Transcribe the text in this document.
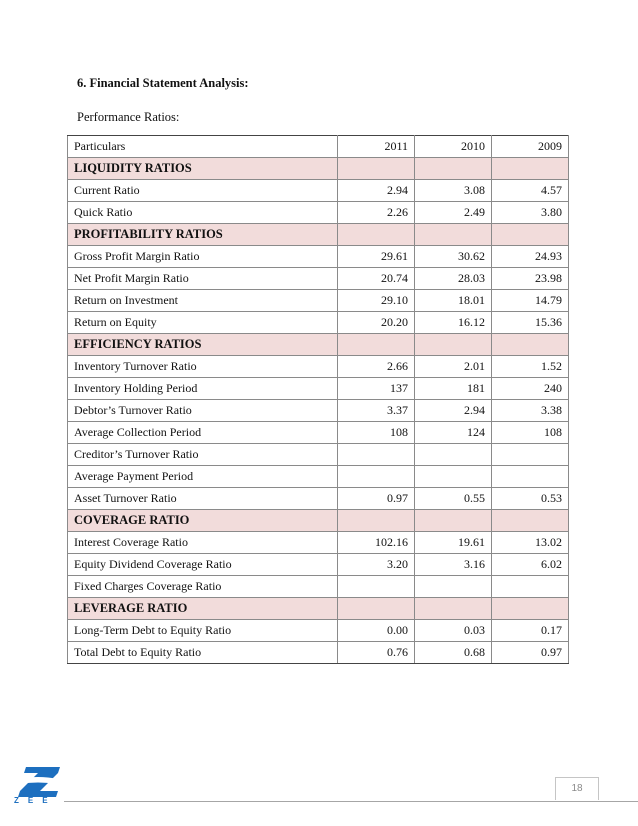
6. Financial Statement Analysis:
Performance Ratios:
Particulars	2011	2010	2009
LIQUIDITY RATIOS			
Current Ratio	2.94	3.08	4.57
Quick Ratio	2.26	2.49	3.80
PROFITABILITY RATIOS			
Gross Profit Margin Ratio	29.61	30.62	24.93
Net Profit Margin Ratio	20.74	28.03	23.98
Return on Investment	29.10	18.01	14.79
Return on Equity	20.20	16.12	15.36
EFFICIENCY RATIOS			
Inventory Turnover Ratio	2.66	2.01	1.52
Inventory Holding Period	137	181	240
Debtor’s Turnover Ratio	3.37	2.94	3.38
Average Collection Period	108	124	108
Creditor’s Turnover Ratio			
Average Payment Period			
Asset Turnover Ratio	0.97	0.55	0.53
COVERAGE RATIO			
Interest Coverage Ratio	102.16	19.61	13.02
Equity Dividend Coverage Ratio	3.20	3.16	6.02
Fixed Charges Coverage Ratio			
LEVERAGE RATIO			
Long-Term Debt to Equity Ratio	0.00	0.03	0.17
Total Debt to Equity Ratio	0.76	0.68	0.97
ZEE
18
